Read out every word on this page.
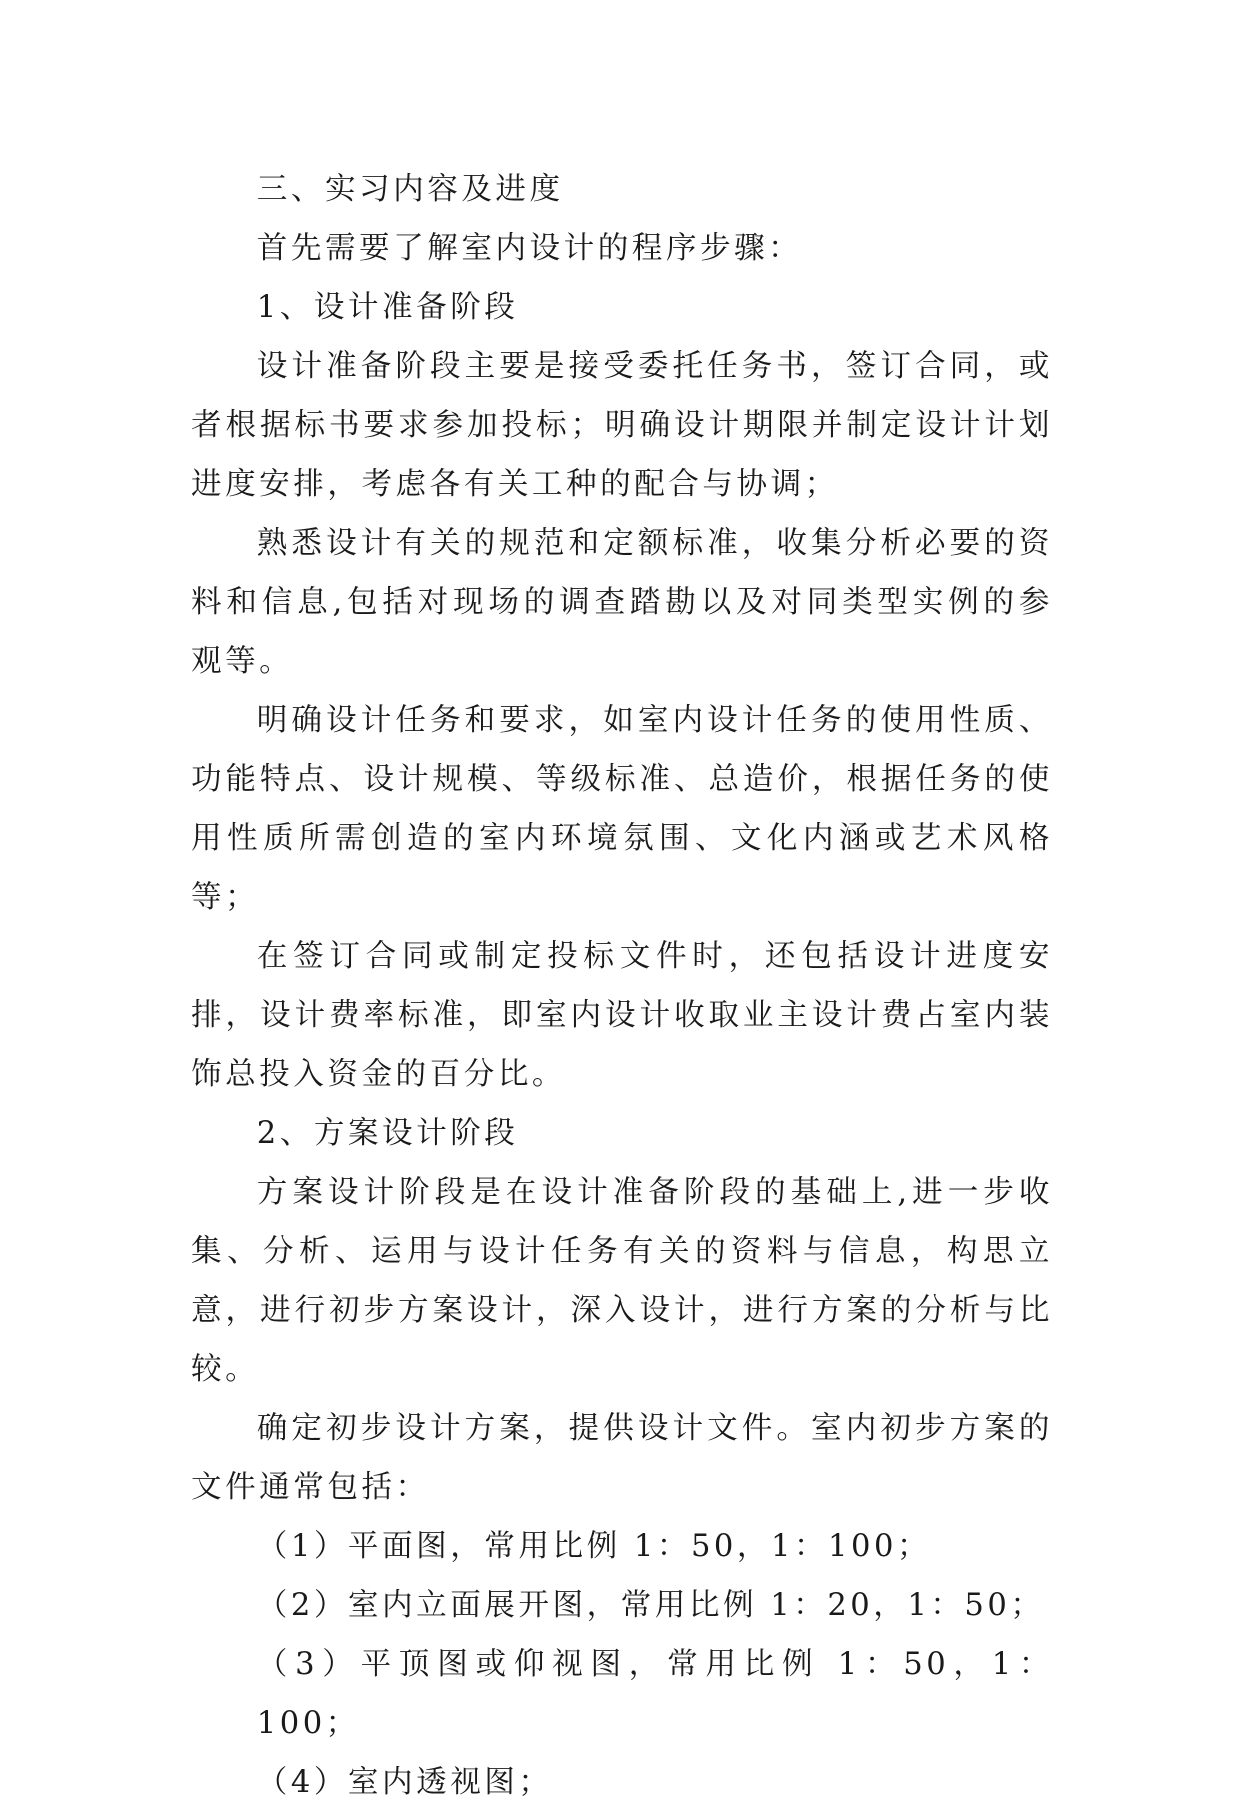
三、实习内容及进度

首先需要了解室内设计的程序步骤：

1、设计准备阶段

设计准备阶段主要是接受委托任务书，签订合同，或者根据标书要求参加投标；明确设计期限并制定设计计划进度安排，考虑各有关工种的配合与协调；

熟悉设计有关的规范和定额标准，收集分析必要的资料和信息,包括对现场的调查踏勘以及对同类型实例的参观等。

明确设计任务和要求，如室内设计任务的使用性质、功能特点、设计规模、等级标准、总造价，根据任务的使用性质所需创造的室内环境氛围、文化内涵或艺术风格等；

在签订合同或制定投标文件时，还包括设计进度安排，设计费率标准，即室内设计收取业主设计费占室内装饰总投入资金的百分比。

2、方案设计阶段

方案设计阶段是在设计准备阶段的基础上,进一步收集、分析、运用与设计任务有关的资料与信息，构思立意，进行初步方案设计，深入设计，进行方案的分析与比较。

确定初步设计方案，提供设计文件。室内初步方案的文件通常包括：

（1）平面图，常用比例 1：50，1：100；

（2）室内立面展开图，常用比例 1：20，1：50；

（3）平顶图或仰视图，常用比例 1：50，1：100；

（4）室内透视图；
